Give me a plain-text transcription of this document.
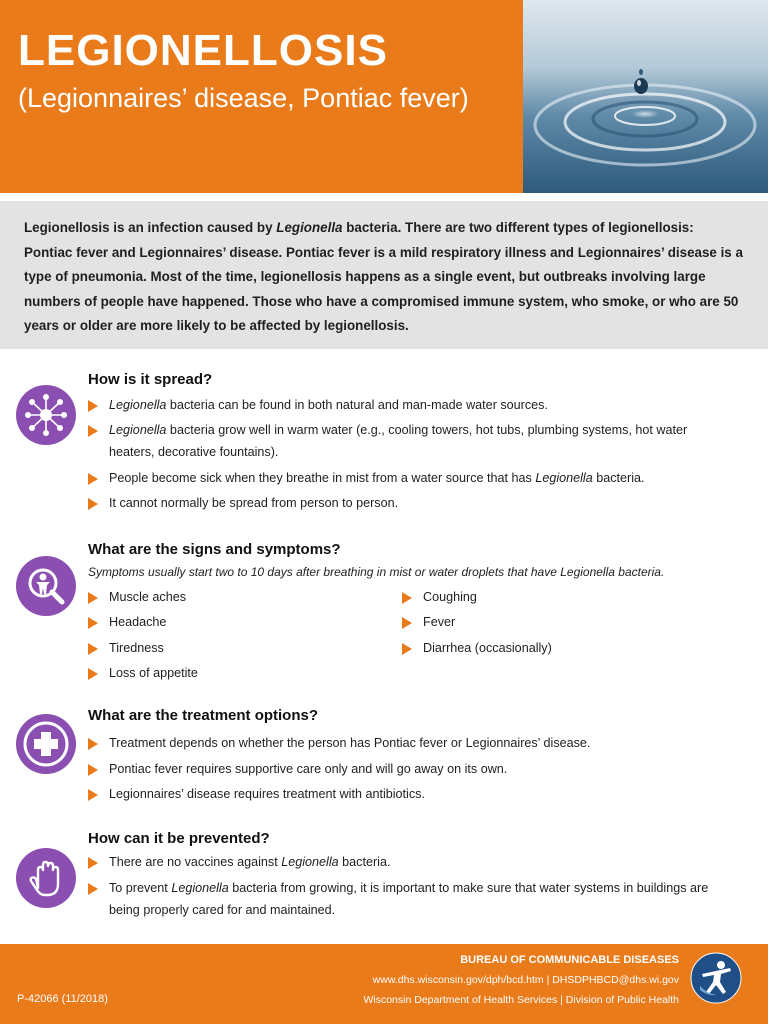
LEGIONELLOSIS
(Legionnaires’ disease, Pontiac fever)

Legionellosis is an infection caused by Legionella bacteria. There are two different types of legionellosis: Pontiac fever and Legionnaires’ disease. Pontiac fever is a mild respiratory illness and Legionnaires’ disease is a type of pneumonia. Most of the time, legionellosis happens as a single event, but outbreaks involving large numbers of people have happened. Those who have a compromised immune system, who smoke, or who are 50 years or older are more likely to be affected by legionellosis.

How is it spread?
Legionella bacteria can be found in both natural and man-made water sources.
Legionella bacteria grow well in warm water (e.g., cooling towers, hot tubs, plumbing systems, hot water heaters, decorative fountains).
People become sick when they breathe in mist from a water source that has Legionella bacteria.
It cannot normally be spread from person to person.
What are the signs and symptoms?
Symptoms usually start two to 10 days after breathing in mist or water droplets that have Legionella bacteria.
Muscle aches
Headache
Tiredness
Loss of appetite
Coughing
Fever
Diarrhea (occasionally)
What are the treatment options?
Treatment depends on whether the person has Pontiac fever or Legionnaires’ disease.
Pontiac fever requires supportive care only and will go away on its own.
Legionnaires’ disease requires treatment with antibiotics.
How can it be prevented?
There are no vaccines against Legionella bacteria.
To prevent Legionella bacteria from growing, it is important to make sure that water systems in buildings are being properly cared for and maintained.
P-42066 (11/2018)
BUREAU OF COMMUNICABLE DISEASES
www.dhs.wisconsin.gov/dph/bcd.htm | DHSDPHBCD@dhs.wi.gov
Wisconsin Department of Health Services | Division of Public Health
